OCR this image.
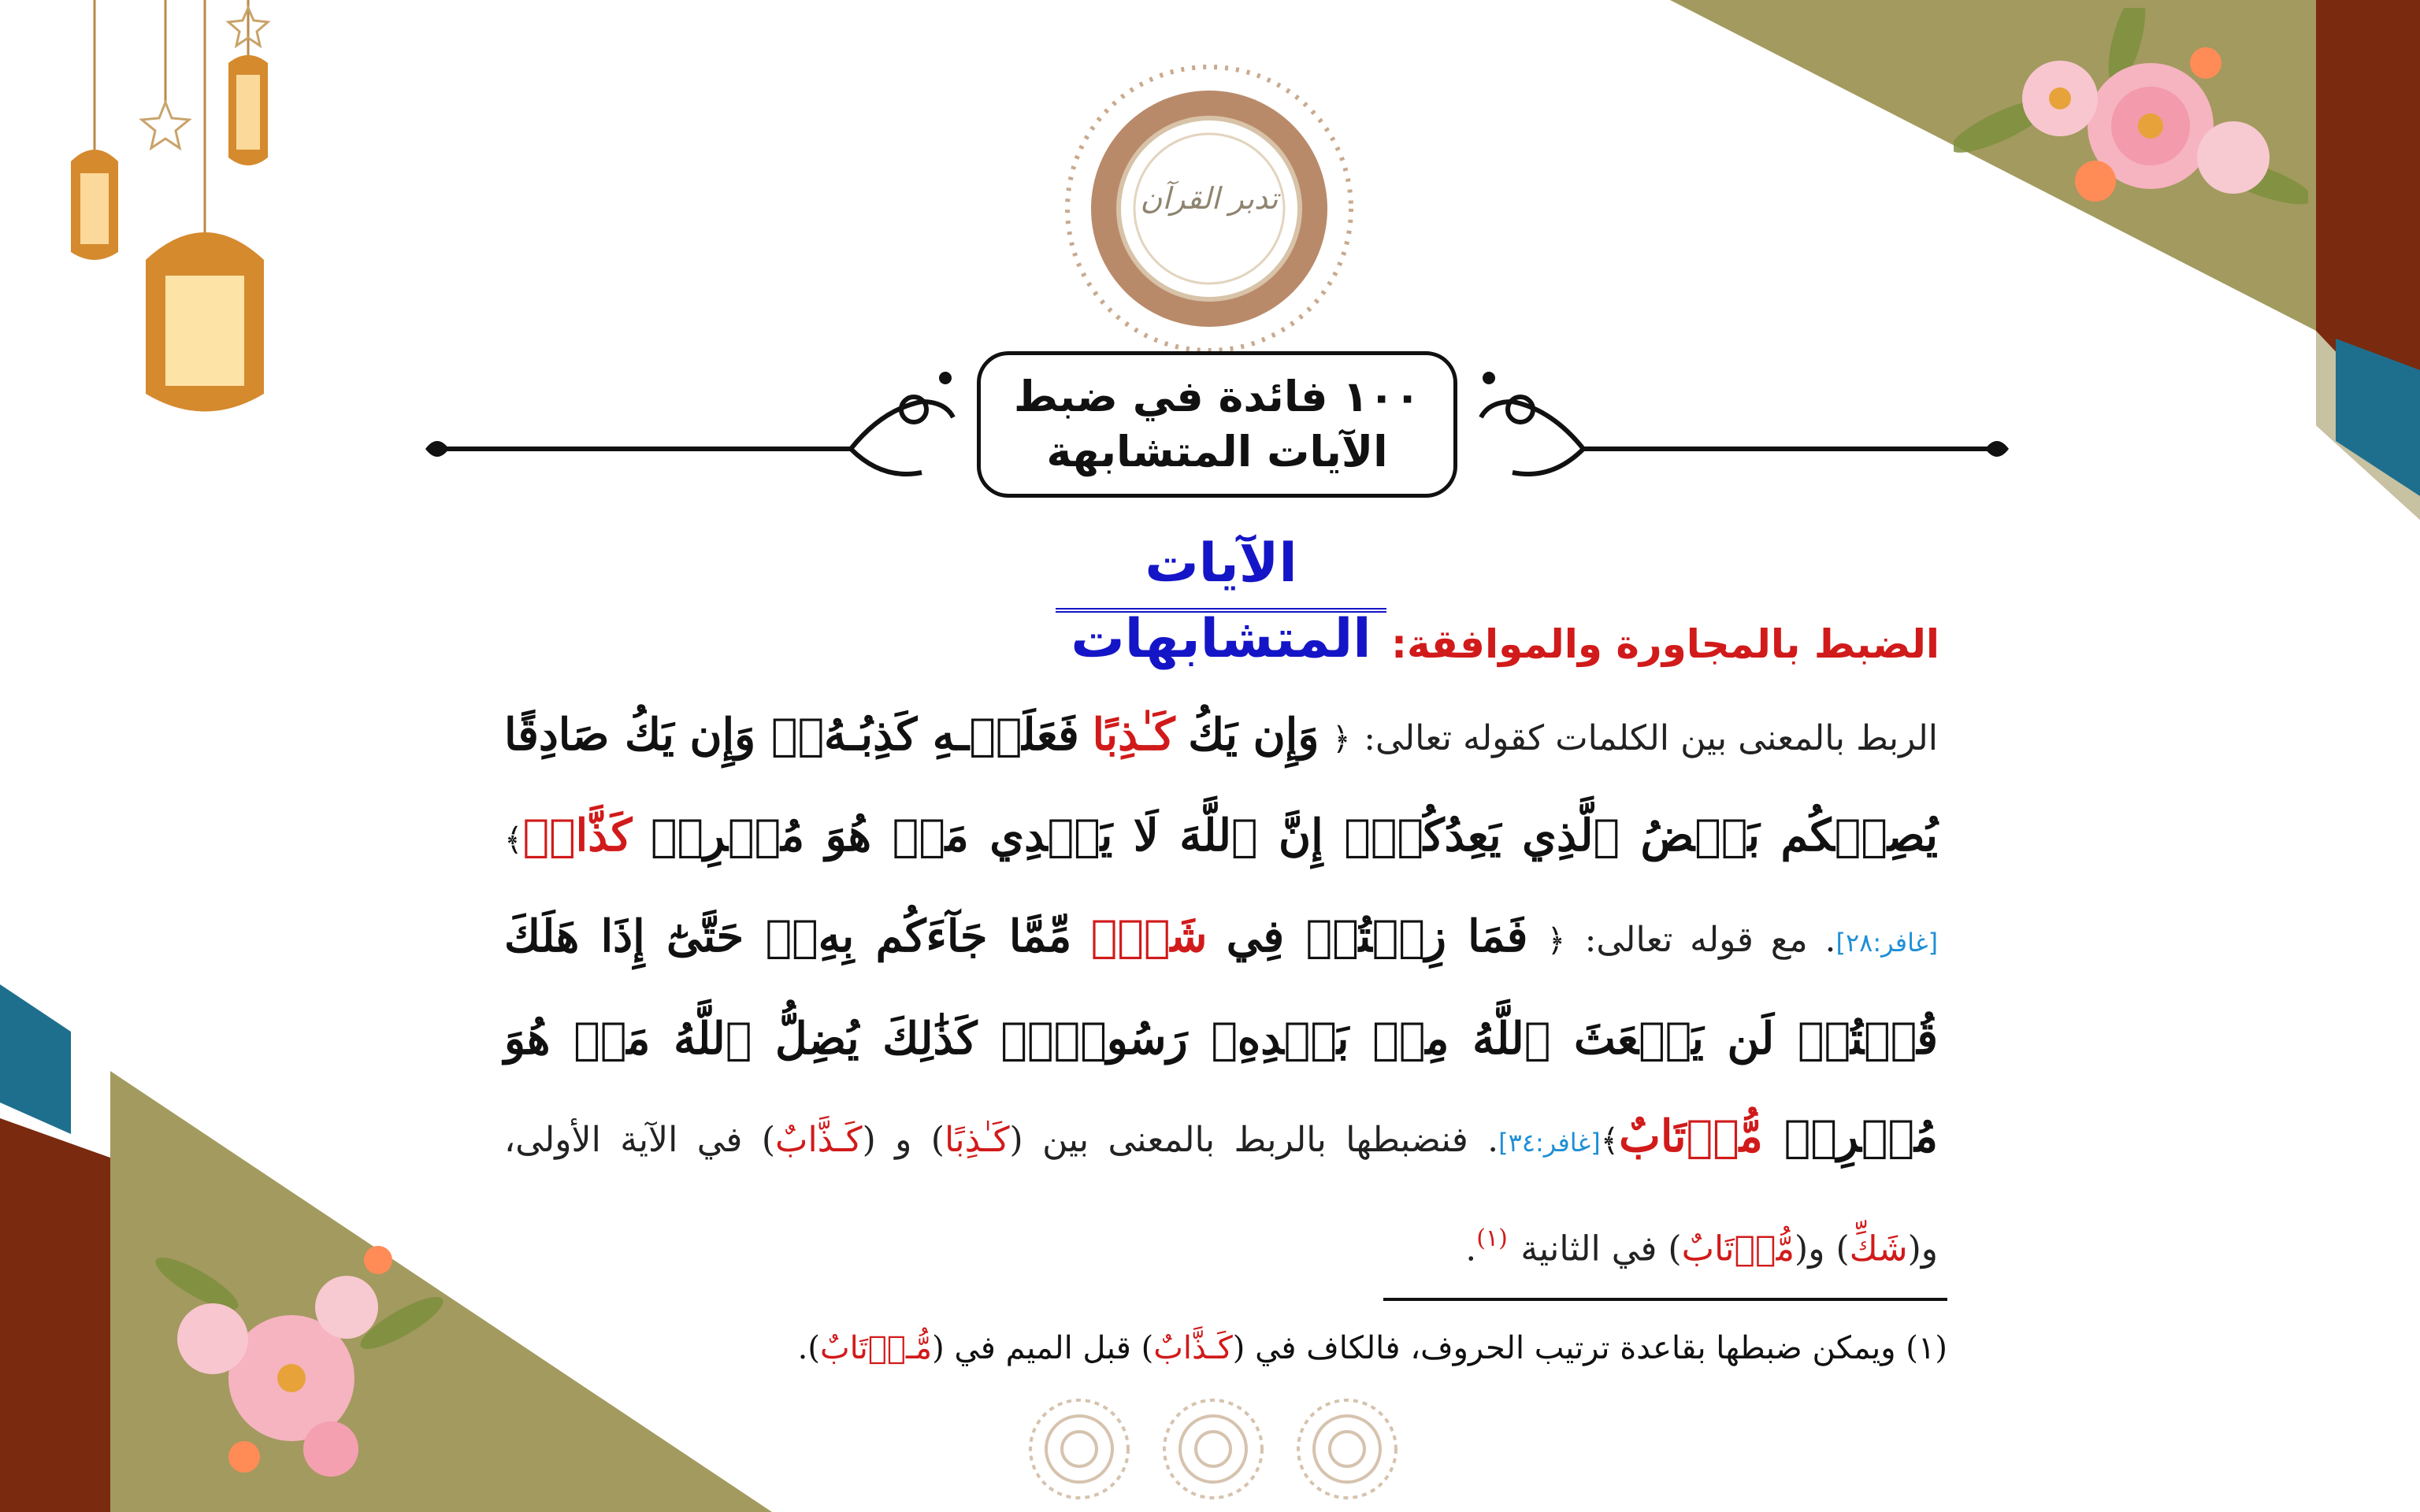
تدبر القرآن
١٠٠ فائدة في ضبط
الآيات المتشابهة
الآيات المتشابهات الضبط بالمجاورة والموافقة:
الربط بالمعنى بين الكلمات كقوله تعالى: ﴿ وَإِن يَكُ كَـٰذِبًا فَعَلَيۡـهِ كَذِبُـهُۥۖ وَإِن يَكُ صَادِقًا يُصِبۡكُم بَعۡضُ ٱلَّذِي يَعِدُكُمۡۖ إِنَّ ٱللَّهَ لَا يَهۡدِي مَنۡ هُوَ مُسۡرِفٞ كَذَّابٞ﴾[غافر:٢٨]. مع قوله تعالى: ﴿ فَمَا زِلۡتُمۡ فِي شَكّٖ مِّمَّا جَآءَكُم بِهِۦۖ حَتَّىٰٓ إِذَا هَلَكَ قُلۡتُمۡ لَن يَبۡعَثَ ٱللَّهُ مِنۢ بَعۡدِهِۦ رَسُولٗاۚ كَذَٰلِكَ يُضِلُّ ٱللَّهُ مَنۡ هُوَ مُسۡرِفٞ مُّرۡتَابٌ﴾[غافر:٣٤]. فنضبطها بالربط بالمعنى بين (كَـٰذِبًا) و (كَـذَّابٌ) في الآية الأولى، و(شَكِّ) و(مُّرۡتَابٌ) في الثانية $^{(١)}$.
(١) ويمكن ضبطها بقاعدة ترتيب الحروف، فالكاف في (كَـذَّابٌ) قبل الميم في (مُّـرۡتَابٌ).
